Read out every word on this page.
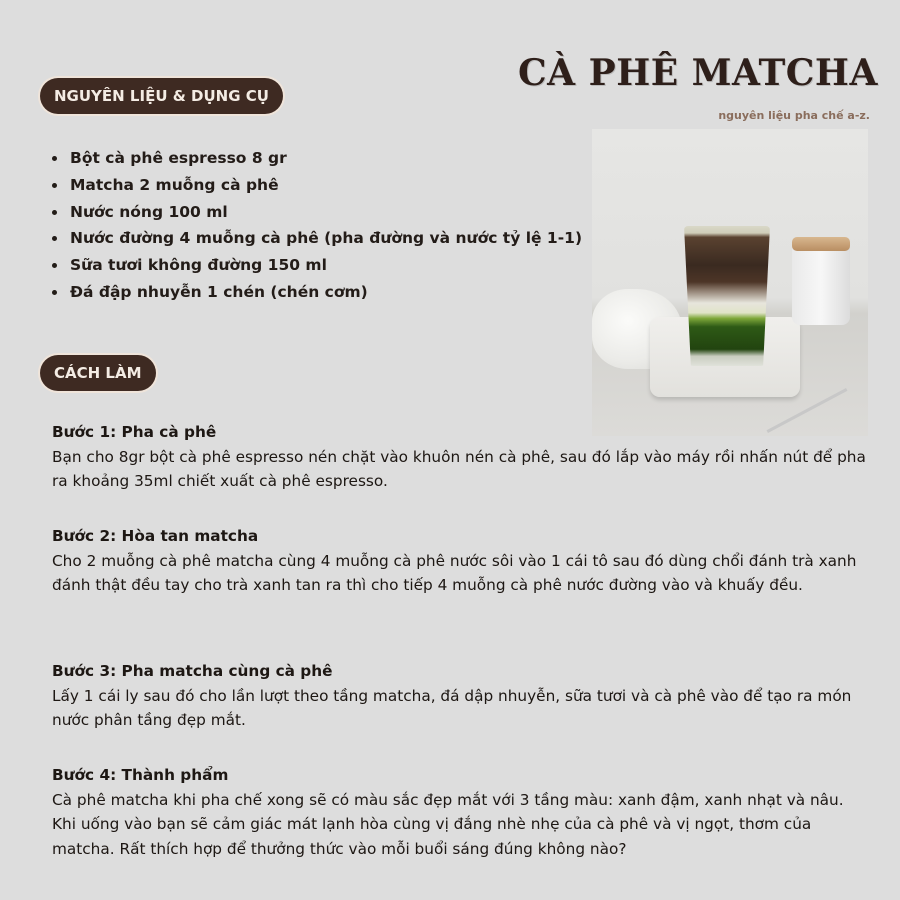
CÀ PHÊ MATCHA
nguyên liệu pha chế a-z.
NGUYÊN LIỆU & DỤNG CỤ
• Bột cà phê espresso 8 gr
• Matcha 2 muỗng cà phê
• Nước nóng 100 ml
• Nước đường 4 muỗng cà phê (pha đường và nước tỷ lệ 1-1)
• Sữa tươi không đường 150 ml
• Đá đập nhuyễn 1 chén (chén cơm)
CÁCH LÀM
Bước 1: Pha cà phê
Bạn cho 8gr bột cà phê espresso nén chặt vào khuôn nén cà phê, sau đó lắp vào máy rồi nhấn nút để pha ra khoảng 35ml chiết xuất cà phê espresso.
Bước 2: Hòa tan matcha
Cho 2 muỗng cà phê matcha cùng 4 muỗng cà phê nước sôi vào 1 cái tô sau đó dùng chổi đánh trà xanh đánh thật đều tay cho trà xanh tan ra thì cho tiếp 4 muỗng cà phê nước đường vào và khuấy đều.
Bước 3: Pha matcha cùng cà phê
Lấy 1 cái ly sau đó cho lần lượt theo tầng matcha, đá dập nhuyễn, sữa tươi và cà phê vào để tạo ra món nước phân tầng đẹp mắt.
Bước 4: Thành phẩm
Cà phê matcha khi pha chế xong sẽ có màu sắc đẹp mắt với 3 tầng màu: xanh đậm, xanh nhạt và nâu. Khi uống vào bạn sẽ cảm giác mát lạnh hòa cùng vị đắng nhè nhẹ của cà phê và vị ngọt, thơm của matcha. Rất thích hợp để thưởng thức vào mỗi buổi sáng đúng không nào?
